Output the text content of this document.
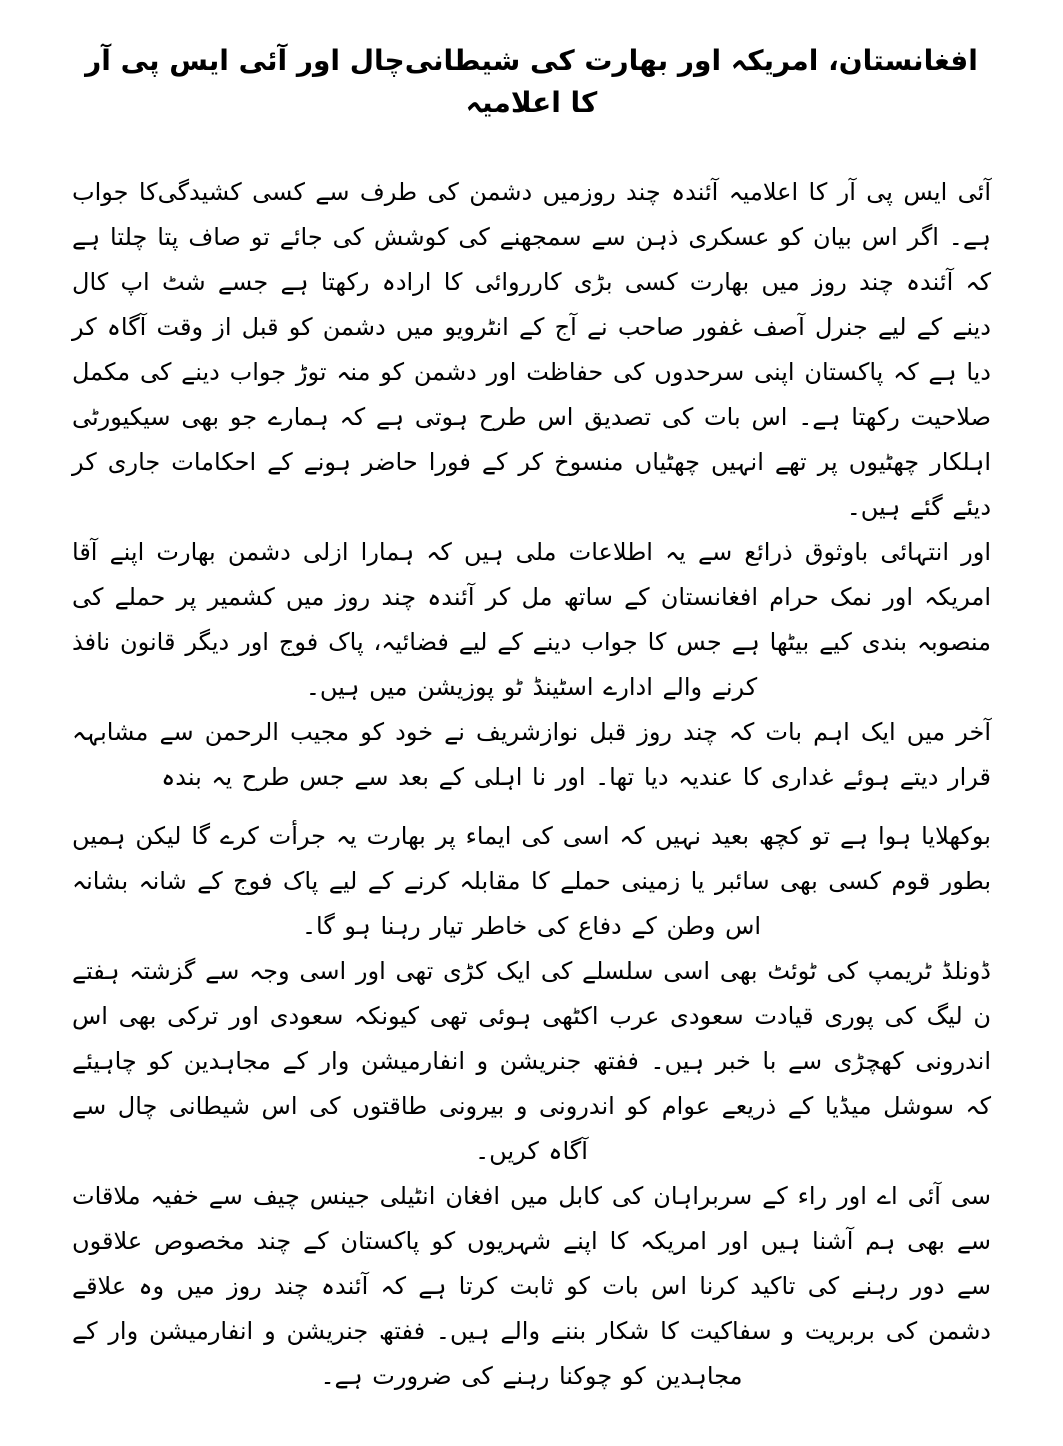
افغانستان، امریکہ اور بھارت کی شیطانی‌چال اور آئی ایس پی آر کا اعلامیہ

آئی ایس پی آر کا اعلامیہ آئندہ چند روزمیں دشمن کی طرف سے کسی کشیدگی‌کا جواب ہے۔ اگر اس بیان کو عسکری ذہن سے سمجھنے کی کوشش کی جائے تو صاف پتا چلتا ہے کہ آئندہ چند روز میں بھارت کسی بڑی کارروائی کا ارادہ رکھتا ہے جسے شٹ اپ کال دینے کے لیے جنرل آصف غفور صاحب نے آج کے انٹرویو میں دشمن کو قبل از وقت آگاہ کر دیا ہے کہ پاکستان اپنی سرحدوں کی حفاظت اور دشمن کو منہ توڑ جواب دینے کی مکمل صلاحیت رکھتا ہے۔ اس بات کی تصدیق اس طرح ہوتی ہے کہ ہمارے جو بھی سیکیورٹی اہلکار چھٹیوں پر تھے انہیں چھٹیاں منسوخ کر کے فورا حاضر ہونے کے احکامات جاری کر دیئے گئے ہیں۔

اور انتہائی باوثوق ذرائع سے یہ اطلاعات ملی ہیں کہ ہمارا ازلی دشمن بھارت اپنے آقا امریکہ اور نمک حرام افغانستان کے ساتھ مل کر آئندہ چند روز میں کشمیر پر حملے کی منصوبہ بندی کیے بیٹھا ہے جس کا جواب دینے کے لیے فضائیہ، پاک فوج اور دیگر قانون نافذ کرنے والے ادارے اسٹینڈ ٹو پوزیشن میں ہیں۔

آخر میں ایک اہم بات کہ چند روز قبل نوازشریف نے خود کو مجیب الرحمن سے مشابہہ قرار دیتے ہوئے غداری کا عندیہ دیا تھا۔ اور نا اہلی کے بعد سے جس طرح یہ بندہ

بوکھلایا ہوا ہے تو کچھ بعید نہیں کہ اسی کی ایماء پر بھارت یہ جرأت کرے گا لیکن ہمیں بطور قوم کسی بھی سائبر یا زمینی حملے کا مقابلہ کرنے کے لیے پاک فوج کے شانہ بشانہ اس وطن کے دفاع کی خاطر تیار رہنا ہو گا۔

ڈونلڈ ٹریمپ کی ٹوئٹ بھی اسی سلسلے کی ایک کڑی تھی اور اسی وجہ سے گزشتہ ہفتے ن لیگ کی پوری قیادت سعودی عرب اکٹھی ہوئی تھی کیونکہ سعودی اور ترکی بھی اس اندرونی کھچڑی سے با خبر ہیں۔ ففتھ جنریشن و انفارمیشن وار کے مجاہدین کو چاہیئے کہ سوشل میڈیا کے ذریعے عوام کو اندرونی و بیرونی طاقتوں کی اس شیطانی چال سے آگاہ کریں۔

سی آئی اے اور راء کے سربراہان کی کابل میں افغان انٹیلی جینس چیف سے خفیہ ملاقات سے بھی ہم آشنا ہیں اور امریکہ کا اپنے شہریوں کو پاکستان کے چند مخصوص علاقوں سے دور رہنے کی تاکید کرنا اس بات کو ثابت کرتا ہے کہ آئندہ چند روز میں وہ علاقے دشمن کی بربریت و سفاکیت کا شکار بننے والے ہیں۔ ففتھ جنریشن و انفارمیشن وار کے مجاہدین کو چوکنا رہنے کی ضرورت ہے۔
